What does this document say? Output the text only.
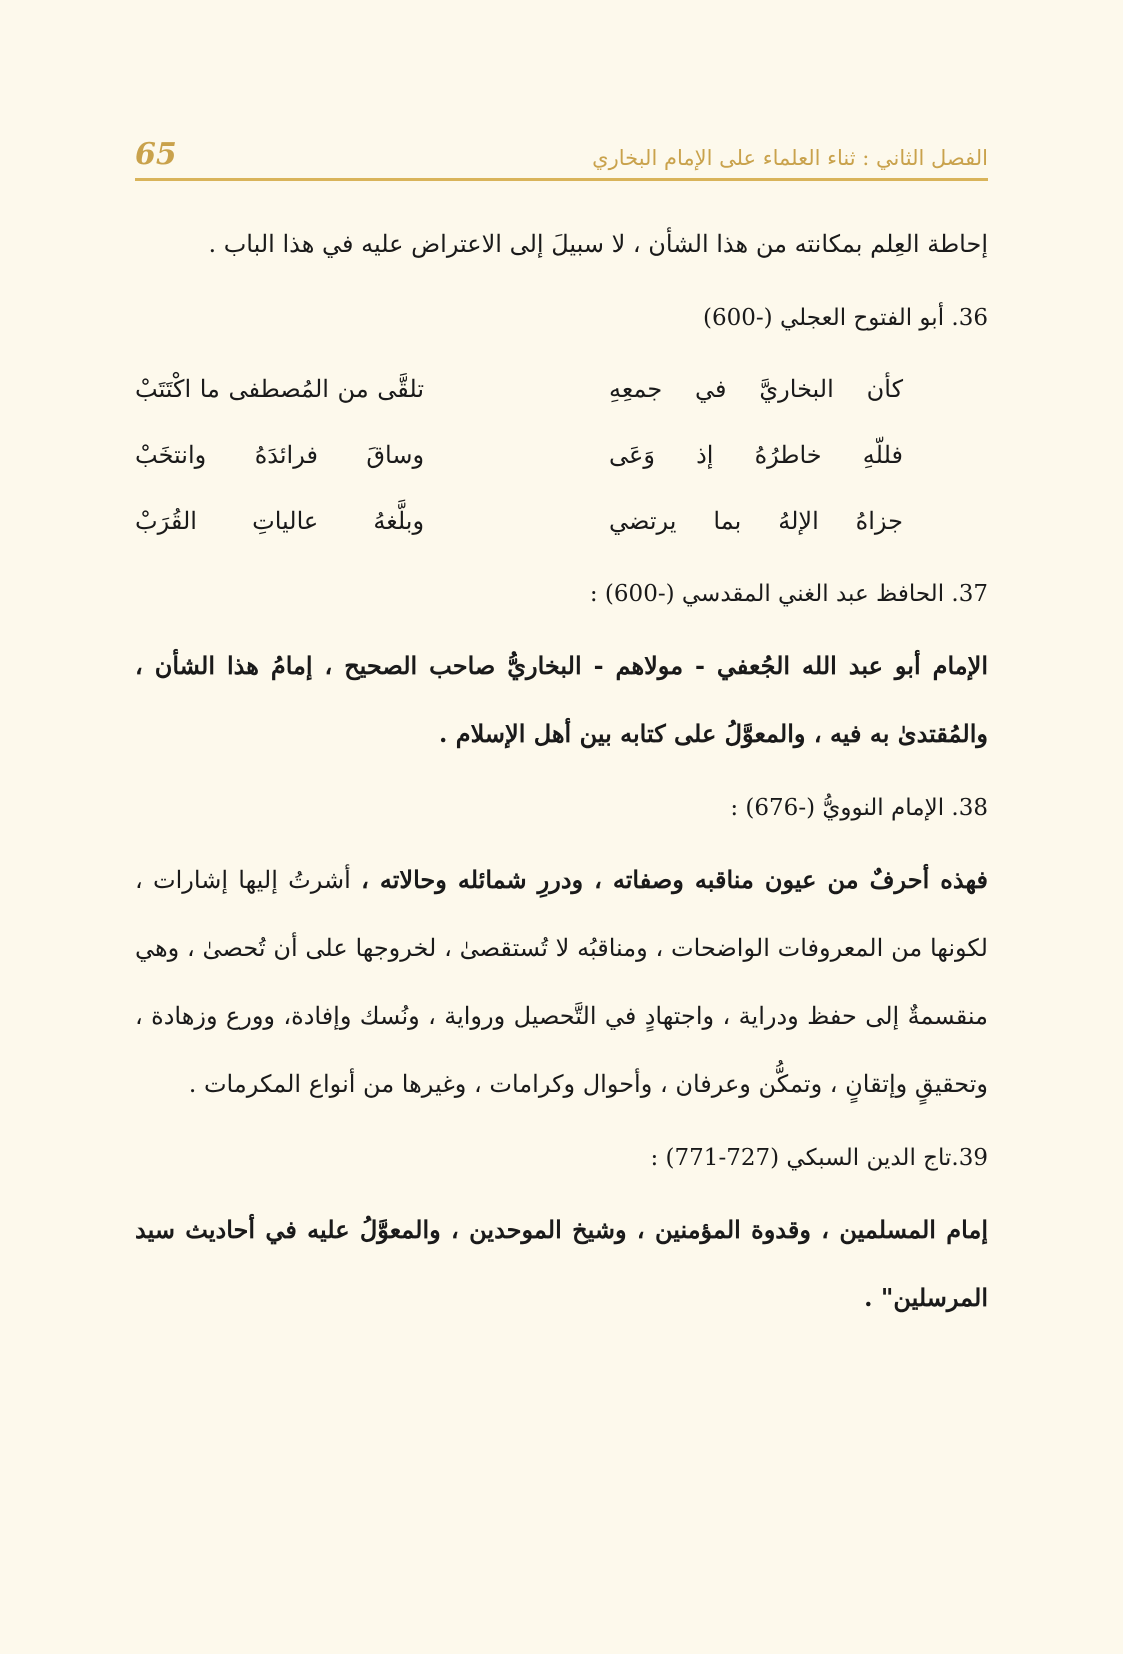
65	الفصل الثاني : ثناء العلماء على الإمام البخاري

إحاطة العِلم بمكانته من هذا الشأن ، لا سبيلَ إلى الاعتراض عليه في هذا الباب .

36. أبو الفتوح العجلي (-600)

كأن البخاريَّ في جمعِهِ
تلقَّى من المُصطفى ما اكْتَتَبْ
فللّهِ خاطرُهُ إذ وَعَى
وساقَ فرائدَهُ وانتخَبْ
جزاهُ الإلهُ بما يرتضي
وبلَّغهُ عالياتِ القُرَبْ

37. الحافظ عبد الغني المقدسي (-600) :

الإمام أبو عبد الله الجُعفي - مولاهم - البخاريُّ صاحب الصحيح ، إمامُ هذا الشأن ، والمُقتدىٰ به فيه ، والمعوَّلُ على كتابه بين أهل الإسلام .

38. الإمام النوويُّ (-676) :

فهذه أحرفٌ من عيون مناقبه وصفاته ، ودررِ شمائله وحالاته ، أشرتُ إليها إشارات ، لكونها من المعروفات الواضحات ، ومناقبُه لا تُستقصىٰ ، لخروجها على أن تُحصىٰ ، وهي منقسمةٌ إلى حفظ ودراية ، واجتهادٍ في التَّحصيل ورواية ، ونُسك وإفادة، وورع وزهادة ، وتحقيقٍ وإتقانٍ ، وتمكُّن وعرفان ، وأحوال وكرامات ، وغيرها من أنواع المكرمات .

39.تاج الدين السبكي (727-771) :

إمام المسلمين ، وقدوة المؤمنين ، وشيخ الموحدين ، والمعوَّلُ عليه في أحاديث سيد المرسلين" .
